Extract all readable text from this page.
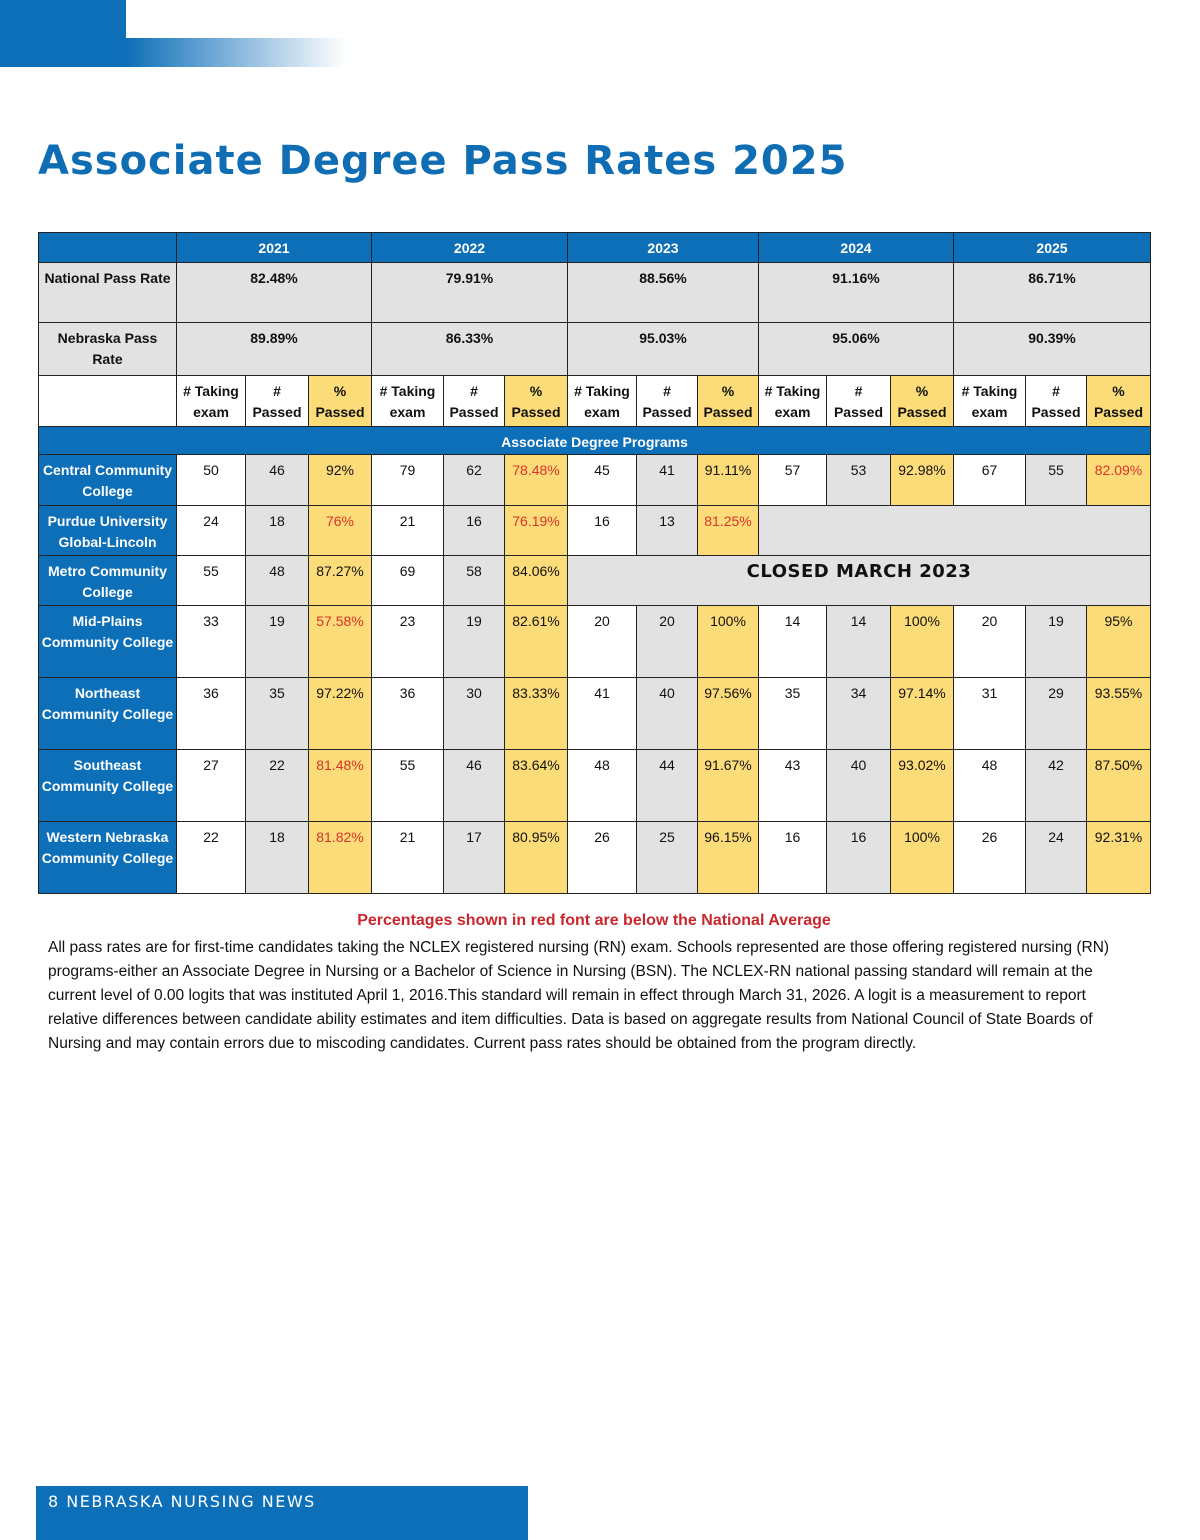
Associate Degree Pass Rates 2025
	2021			2022			2023			2024			2025		
National Pass Rate	82.48%			79.91%			88.56%			91.16%			86.71%		
Nebraska Pass Rate	89.89%			86.33%			95.03%			95.06%			90.39%		
	# Taking exam	# Passed	% Passed	# Taking exam	# Passed	% Passed	# Taking exam	# Passed	% Passed	# Taking exam	# Passed	% Passed	# Taking exam	# Passed	% Passed
Associate Degree Programs															
Central Community College	50	46	92%	79	62	78.48%	45	41	91.11%	57	53	92.98%	67	55	82.09%
Purdue University Global-Lincoln	24	18	76%	21	16	76.19%	16	13	81.25%						
Metro Community College	55	48	87.27%	69	58	84.06%	CLOSED MARCH 2023								
Mid-Plains Community College	33	19	57.58%	23	19	82.61%	20	20	100%	14	14	100%	20	19	95%
Northeast Community College	36	35	97.22%	36	30	83.33%	41	40	97.56%	35	34	97.14%	31	29	93.55%
Southeast Community College	27	22	81.48%	55	46	83.64%	48	44	91.67%	43	40	93.02%	48	42	87.50%
Western Nebraska Community College	22	18	81.82%	21	17	80.95%	26	25	96.15%	16	16	100%	26	24	92.31%
Percentages shown in red font are below the National Average

All pass rates are for first-time candidates taking the NCLEX registered nursing (RN) exam. Schools represented are those offering registered nursing (RN) programs-either an Associate Degree in Nursing or a Bachelor of Science in Nursing (BSN). The NCLEX-RN national passing standard will remain at the current level of 0.00 logits that was instituted April 1, 2016.This standard will remain in effect through March 31, 2026. A logit is a measurement to report relative differences between candidate ability estimates and item difficulties. Data is based on aggregate results from National Council of State Boards of Nursing and may contain errors due to miscoding candidates. Current pass rates should be obtained from the program directly.

8 NEBRASKA NURSING NEWS
